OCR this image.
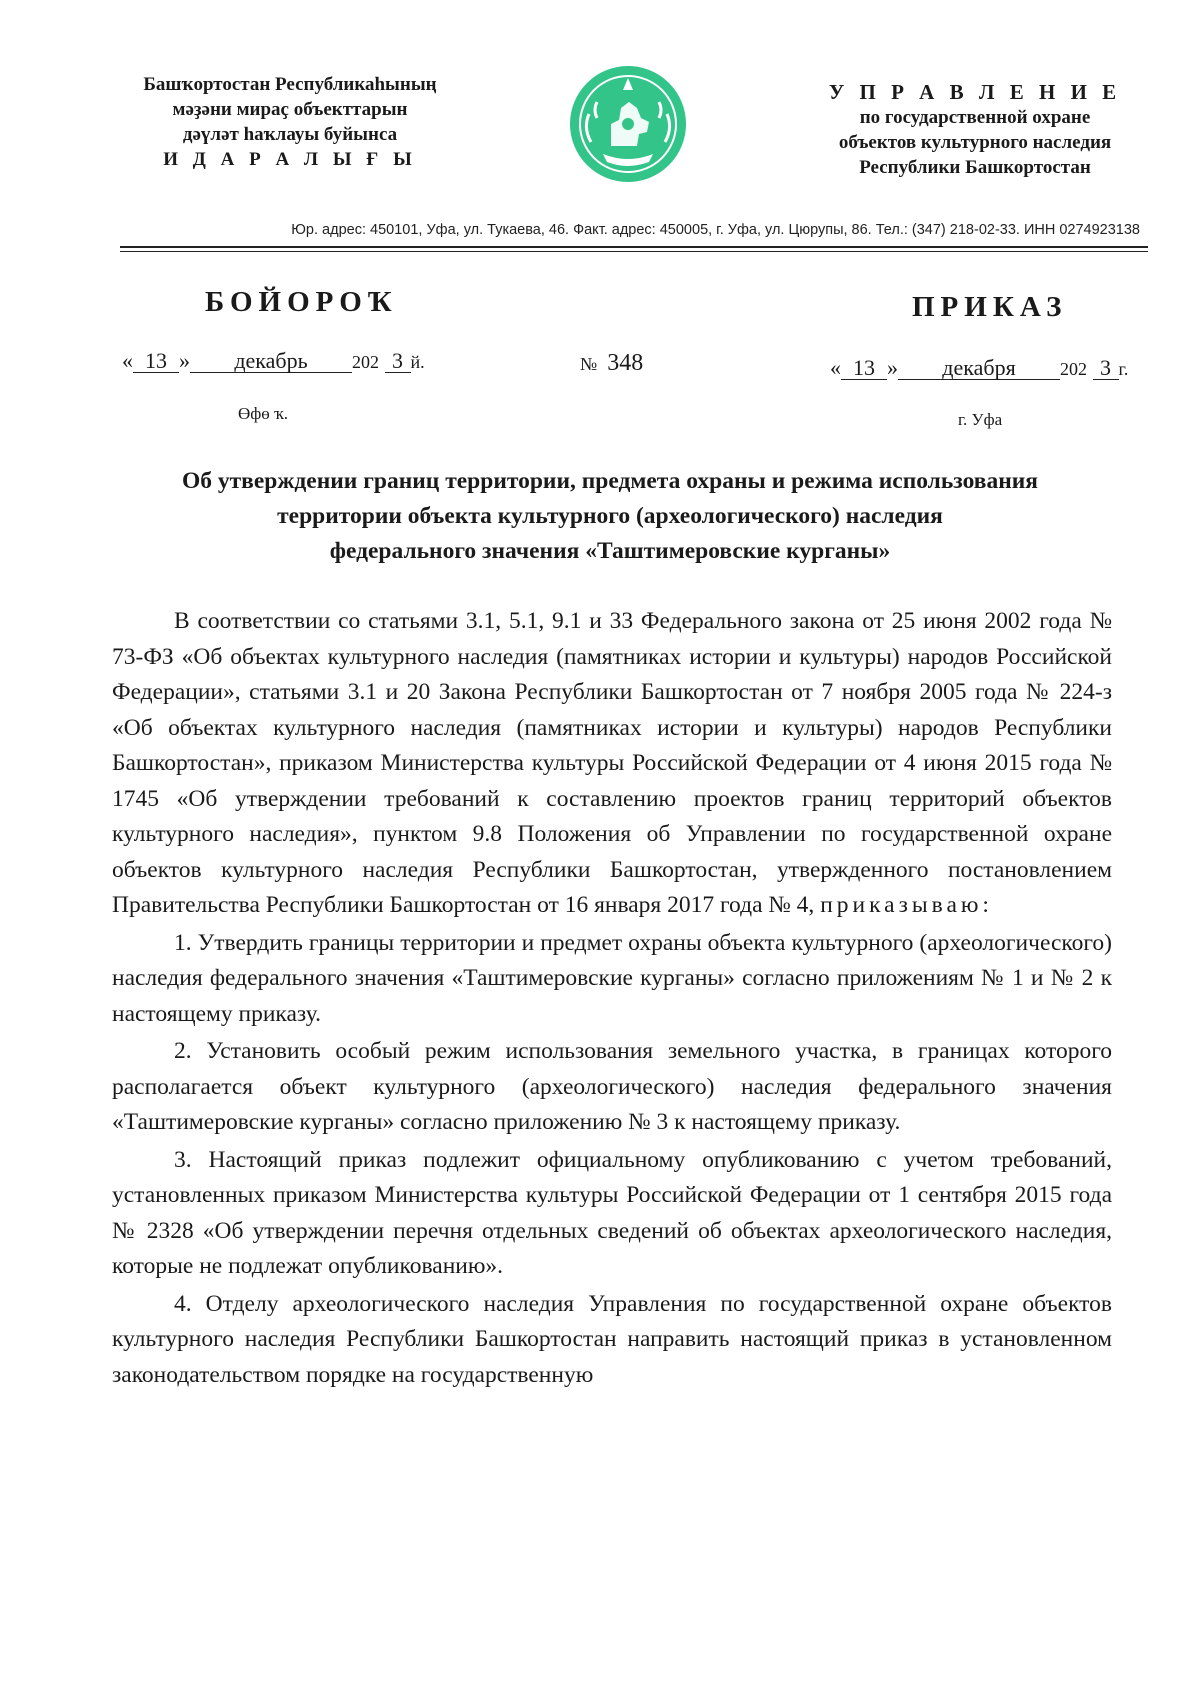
Башҡортостан Республикаһының
мәҙәни мираҫ объекттарын
дәүләт һаҡлауы буйынса
И Д А Р А Л Ы Ғ Ы
У П Р А В Л Е Н И Е
по государственной охране
объектов культурного наследия
Республики Башкортостан
Юр. адрес: 450101, Уфа, ул. Тукаева, 46. Факт. адрес: 450005, г. Уфа, ул. Цюрупы, 86. Тел.: (347) 218-02-33. ИНН 0274923138
БОЙОРОҠ	ПРИКАЗ
« 13 » декабрь 202 3 й.	№ 348	« 13 » декабря 202 3 г.
Өфө ҡ.	г. Уфа
Об утверждении границ территории, предмета охраны и режима использования
территории объекта культурного (археологического) наследия
федерального значения «Таштимеровские курганы»

В соответствии со статьями 3.1, 5.1, 9.1 и 33 Федерального закона от 25 июня 2002 года № 73-ФЗ «Об объектах культурного наследия (памятниках истории и культуры) народов Российской Федерации», статьями 3.1 и 20 Закона Республики Башкортостан от 7 ноября 2005 года № 224-з «Об объектах культурного наследия (памятниках истории и культуры) народов Республики Башкортостан», приказом Министерства культуры Российской Федерации от 4 июня 2015 года № 1745 «Об утверждении требований к составлению проектов границ территорий объектов культурного наследия», пунктом 9.8 Положения об Управлении по государственной охране объектов культурного наследия Республики Башкортостан, утвержденного постановлением Правительства Республики Башкортостан от 16 января 2017 года № 4, приказываю:

1. Утвердить границы территории и предмет охраны объекта культурного (археологического) наследия федерального значения «Таштимеровские курганы» согласно приложениям № 1 и № 2 к настоящему приказу.

2. Установить особый режим использования земельного участка, в границах которого располагается объект культурного (археологического) наследия федерального значения «Таштимеровские курганы» согласно приложению № 3 к настоящему приказу.

3. Настоящий приказ подлежит официальному опубликованию с учетом требований, установленных приказом Министерства культуры Российской Федерации от 1 сентября 2015 года № 2328 «Об утверждении перечня отдельных сведений об объектах археологического наследия, которые не подлежат опубликованию».

4. Отделу археологического наследия Управления по государственной охране объектов культурного наследия Республики Башкортостан направить настоящий приказ в установленном законодательством порядке на государственную
